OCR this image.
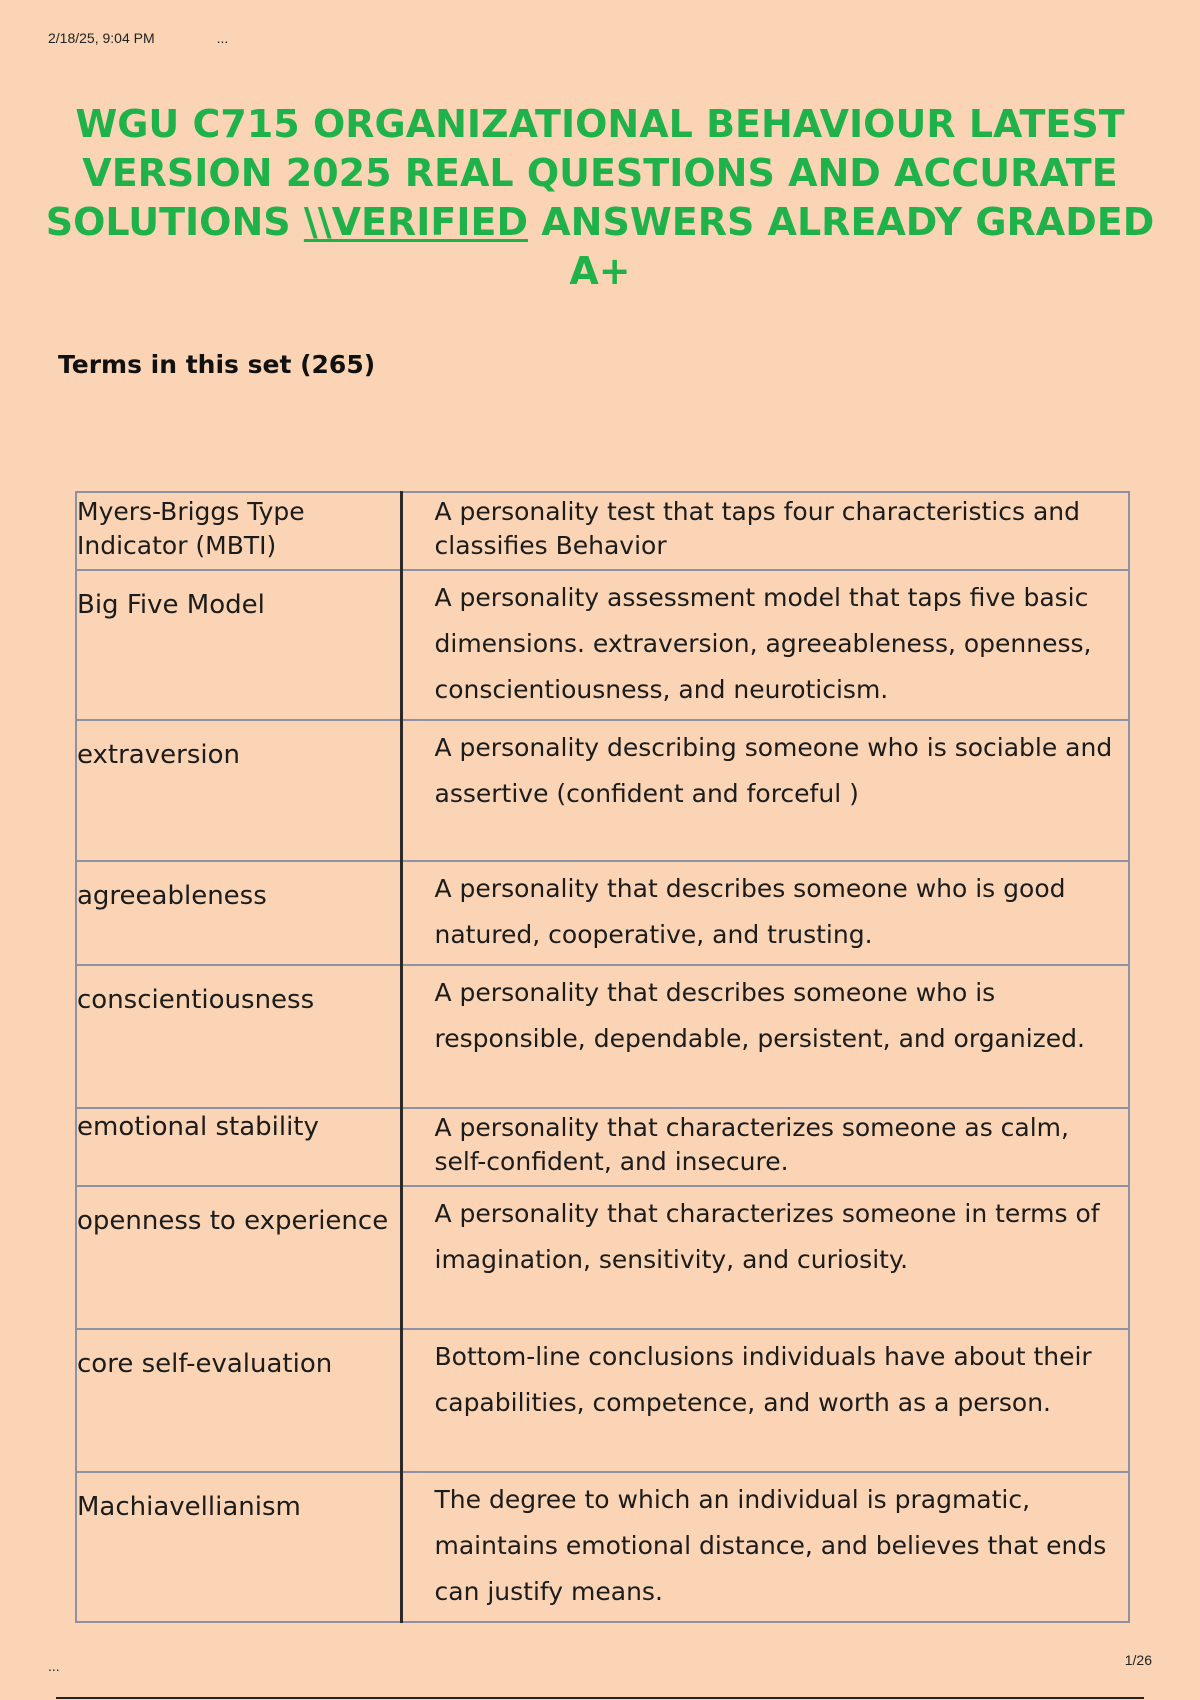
2/18/25, 9:04 PM	...
WGU C715 ORGANIZATIONAL BEHAVIOUR LATEST VERSION 2025 REAL QUESTIONS AND ACCURATE SOLUTIONS \\VERIFIED ANSWERS ALREADY GRADED A+
Terms in this set (265)
Myers-Briggs Type Indicator (MBTI)	A personality test that taps four characteristics and classifies Behavior
Big Five Model	A personality assessment model that taps five basic dimensions. extraversion, agreeableness, openness, conscientiousness, and neuroticism.
extraversion	A personality describing someone who is sociable and assertive (confident and forceful )
agreeableness	A personality that describes someone who is good natured, cooperative, and trusting.
conscientiousness	A personality that describes someone who is responsible, dependable, persistent, and organized.
emotional stability	A personality that characterizes someone as calm, self-confident, and insecure.
openness to experience	A personality that characterizes someone in terms of imagination, sensitivity, and curiosity.
core self-evaluation	Bottom-line conclusions individuals have about their capabilities, competence, and worth as a person.
Machiavellianism	The degree to which an individual is pragmatic, maintains emotional distance, and believes that ends can justify means.
...	1/26
